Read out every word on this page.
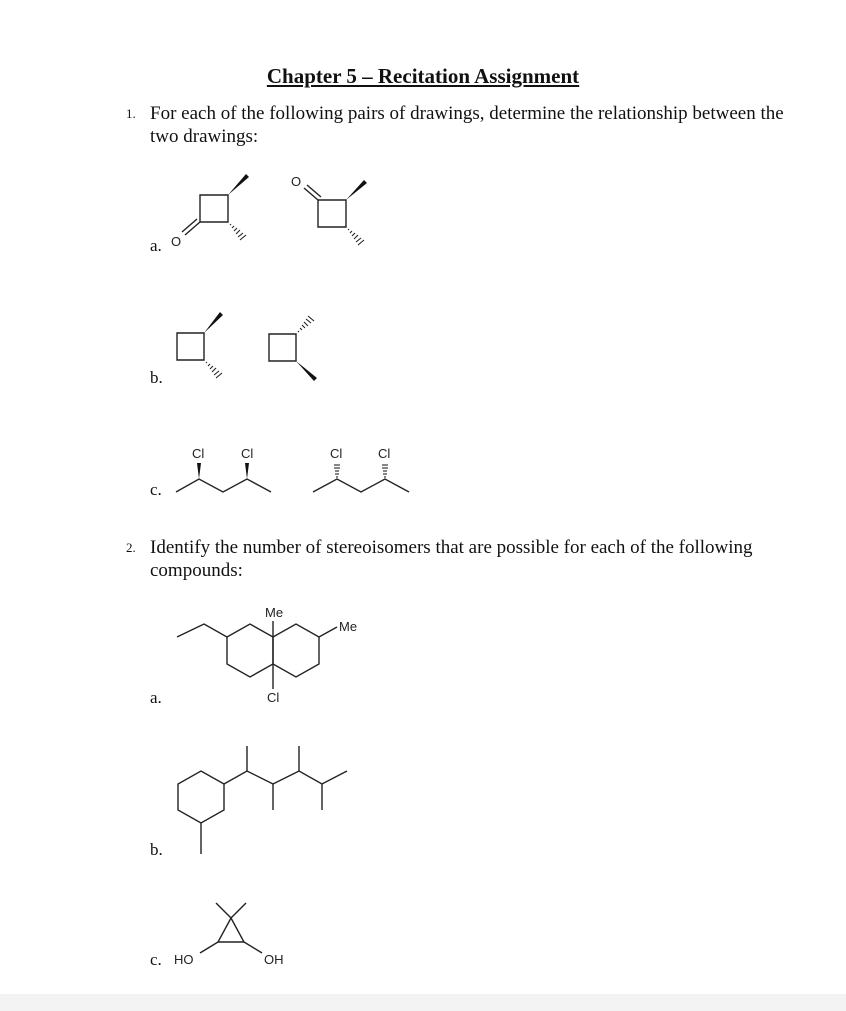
Chapter 5 – Recitation Assignment
1. For each of the following pairs of drawings, determine the relationship between the two drawings:
a.
b.
c.
2. Identify the number of stereoisomers that are possible for each of the following compounds:
a.
b.
c.
O
O
Cl	Cl	Cl	Cl
Me
Me
Cl
HO	OH
